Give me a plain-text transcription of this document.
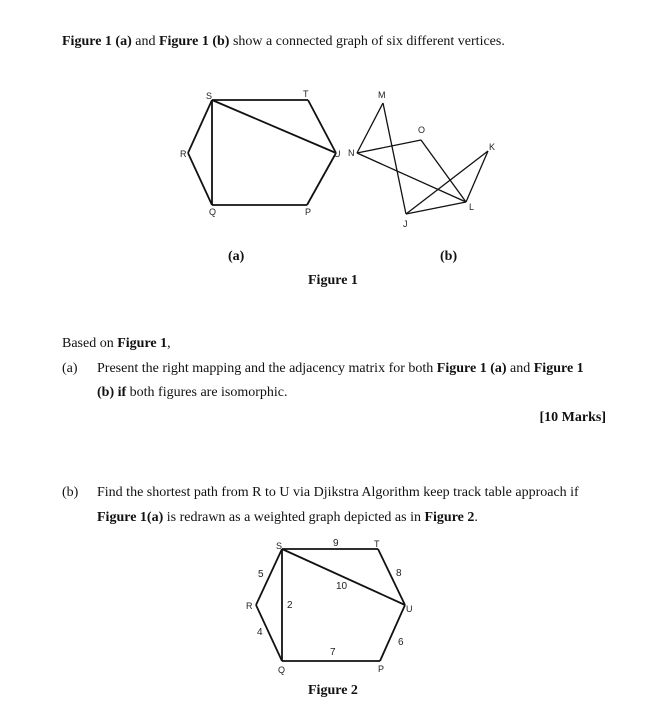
Figure 1 (a) and Figure 1 (b) show a connected graph of six different vertices.
S	T
U
P
Q
R
M
N
O
K
L
J
(a)	(b)
Figure 1
Based on Figure 1,
(a) Present the right mapping and the adjacency matrix for both Figure 1 (a) and Figure 1
(b) if both figures are isomorphic.
[10 Marks]
(b) Find the shortest path from R to U via Djikstra Algorithm keep track table approach if
Figure 1(a) is redrawn as a weighted graph depicted as in Figure 2.
S	T
U
P
Q
R
9
8
10
5
2
4
7
6
Figure 2
